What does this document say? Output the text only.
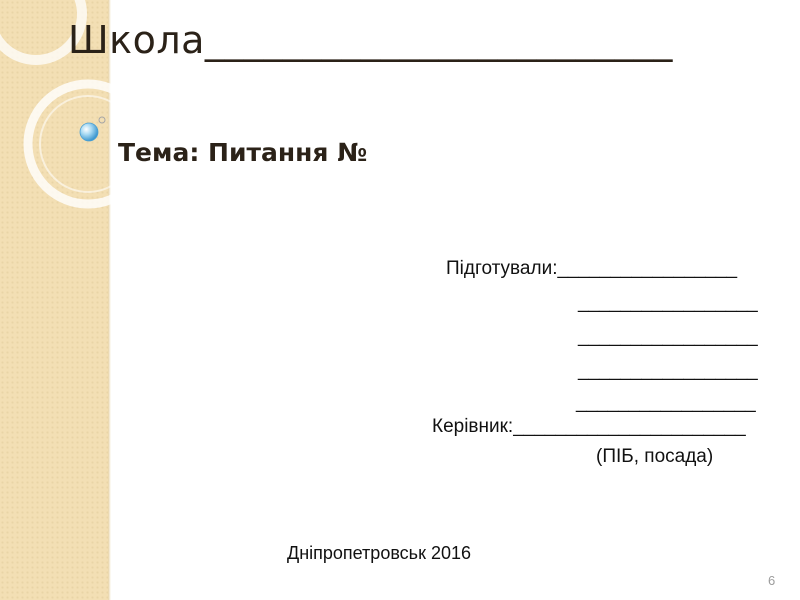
Школа________________________
Тема: Питання №
Підготували:_________________
_________________
_________________
_________________
_________________
Керівник:______________________
(ПІБ, посада)
Дніпропетровськ 2016
6
